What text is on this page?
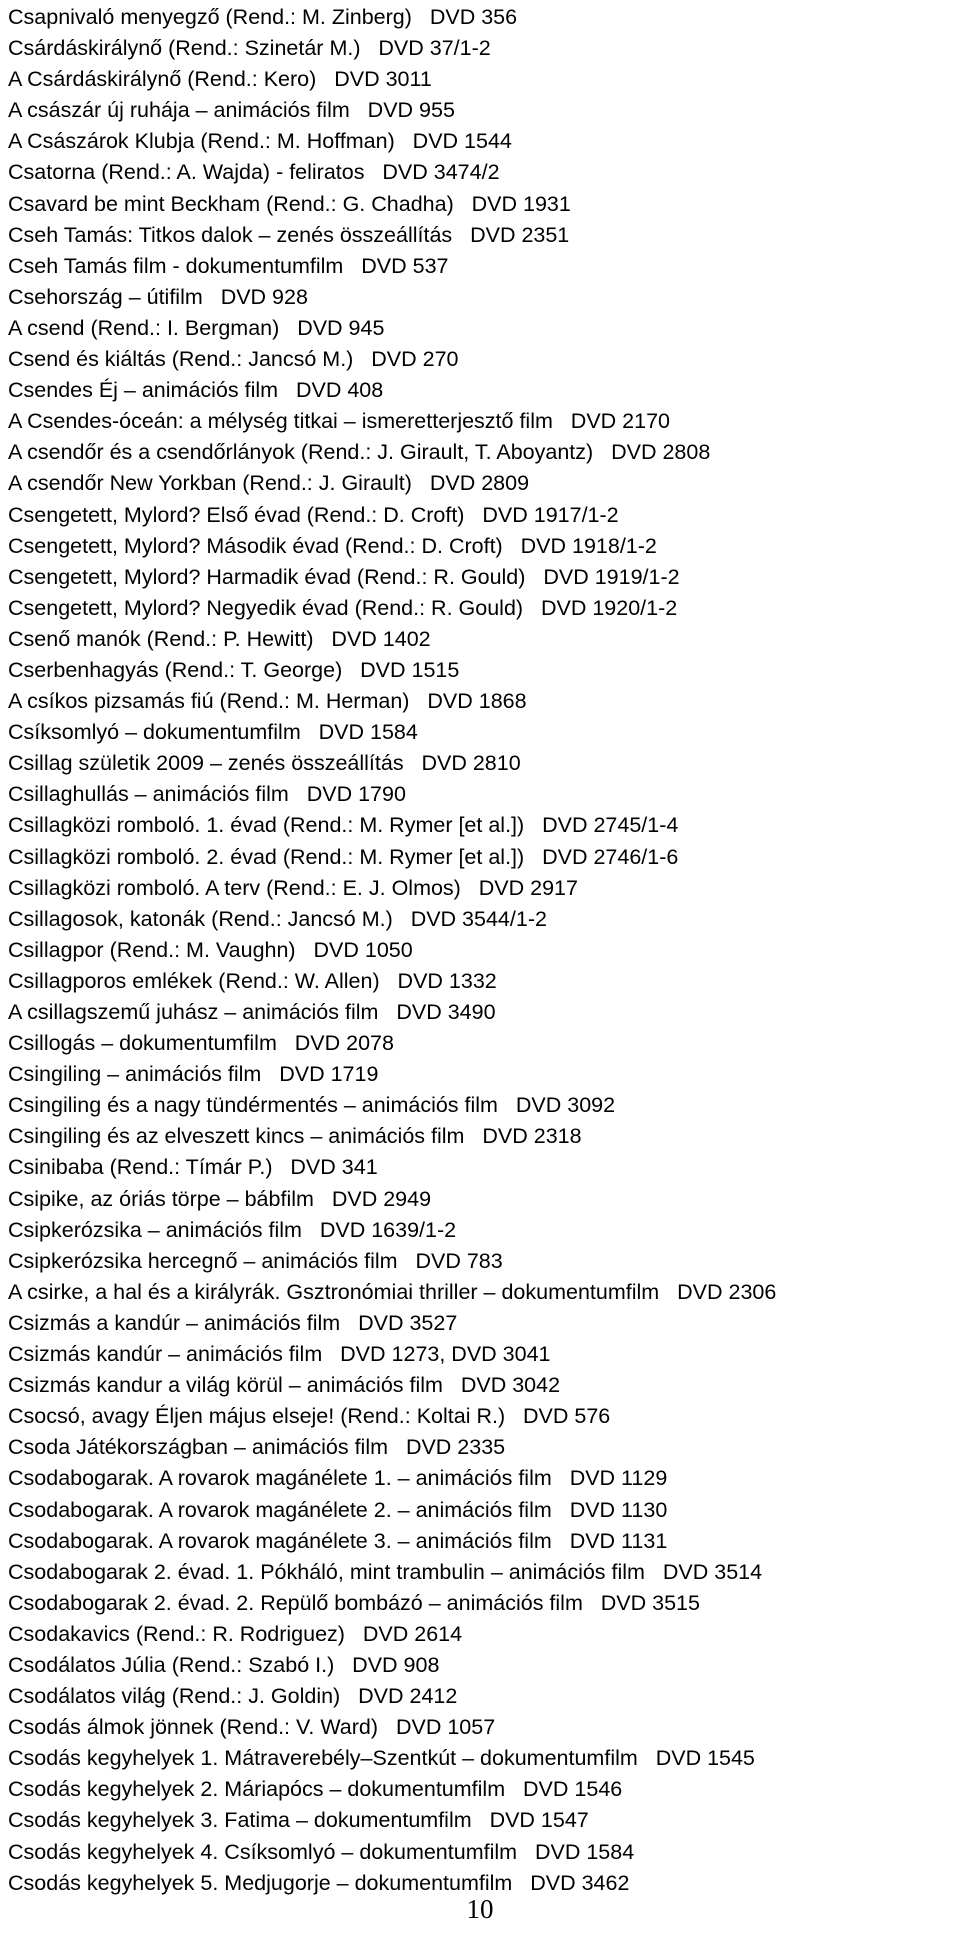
Csapnivaló menyegző (Rend.: M. Zinberg)   DVD 356
Csárdáskirálynő (Rend.: Szinetár M.)   DVD 37/1-2
A Csárdáskirálynő (Rend.: Kero)   DVD 3011
A császár új ruhája – animációs film   DVD 955
A Császárok Klubja (Rend.: M. Hoffman)   DVD 1544
Csatorna (Rend.: A. Wajda) - feliratos   DVD 3474/2
Csavard be mint Beckham (Rend.: G. Chadha)   DVD 1931
Cseh Tamás: Titkos dalok – zenés összeállítás   DVD 2351
Cseh Tamás film - dokumentumfilm   DVD 537
Csehország – útifilm   DVD 928
A csend (Rend.: I. Bergman)   DVD 945
Csend és kiáltás (Rend.: Jancsó M.)   DVD 270
Csendes Éj – animációs film   DVD 408
A Csendes-óceán: a mélység titkai – ismeretterjesztő film   DVD 2170
A csendőr és a csendőrlányok (Rend.: J. Girault, T. Aboyantz)   DVD 2808
A csendőr New Yorkban (Rend.: J. Girault)   DVD 2809
Csengetett, Mylord? Első évad (Rend.: D. Croft)   DVD 1917/1-2
Csengetett, Mylord? Második évad (Rend.: D. Croft)   DVD 1918/1-2
Csengetett, Mylord? Harmadik évad (Rend.: R. Gould)   DVD 1919/1-2
Csengetett, Mylord? Negyedik évad (Rend.: R. Gould)   DVD 1920/1-2
Csenő manók (Rend.: P. Hewitt)   DVD 1402
Cserbenhagyás (Rend.: T. George)   DVD 1515
A csíkos pizsamás fiú (Rend.: M. Herman)   DVD 1868
Csíksomlyó – dokumentumfilm   DVD 1584
Csillag születik 2009 – zenés összeállítás   DVD 2810
Csillaghullás – animációs film   DVD 1790
Csillagközi romboló. 1. évad (Rend.: M. Rymer [et al.])   DVD 2745/1-4
Csillagközi romboló. 2. évad (Rend.: M. Rymer [et al.])   DVD 2746/1-6
Csillagközi romboló. A terv (Rend.: E. J. Olmos)   DVD 2917
Csillagosok, katonák (Rend.: Jancsó M.)   DVD 3544/1-2
Csillagpor (Rend.: M. Vaughn)   DVD 1050
Csillagporos emlékek (Rend.: W. Allen)   DVD 1332
A csillagszemű juhász – animációs film   DVD 3490
Csillogás – dokumentumfilm   DVD 2078
Csingiling – animációs film   DVD 1719
Csingiling és a nagy tündérmentés – animációs film   DVD 3092
Csingiling és az elveszett kincs – animációs film   DVD 2318
Csinibaba (Rend.: Tímár P.)   DVD 341
Csipike, az óriás törpe – bábfilm   DVD 2949
Csipkerózsika – animációs film   DVD 1639/1-2
Csipkerózsika hercegnő – animációs film   DVD 783
A csirke, a hal és a királyrák. Gsztronómiai thriller – dokumentumfilm   DVD 2306
Csizmás a kandúr – animációs film   DVD 3527
Csizmás kandúr – animációs film   DVD 1273, DVD 3041
Csizmás kandur a világ körül – animációs film   DVD 3042
Csocsó, avagy Éljen május elseje! (Rend.: Koltai R.)   DVD 576
Csoda Játékországban – animációs film   DVD 2335
Csodabogarak. A rovarok magánélete 1. – animációs film   DVD 1129
Csodabogarak. A rovarok magánélete 2. – animációs film   DVD 1130
Csodabogarak. A rovarok magánélete 3. – animációs film   DVD 1131
Csodabogarak 2. évad. 1. Pókháló, mint trambulin – animációs film   DVD 3514
Csodabogarak 2. évad. 2. Repülő bombázó – animációs film   DVD 3515
Csodakavics (Rend.: R. Rodriguez)   DVD 2614
Csodálatos Júlia (Rend.: Szabó I.)   DVD 908
Csodálatos világ (Rend.: J. Goldin)   DVD 2412
Csodás álmok jönnek (Rend.: V. Ward)   DVD 1057
Csodás kegyhelyek 1. Mátraverebély–Szentkút – dokumentumfilm   DVD 1545
Csodás kegyhelyek 2. Máriapócs – dokumentumfilm   DVD 1546
Csodás kegyhelyek 3. Fatima – dokumentumfilm   DVD 1547
Csodás kegyhelyek 4. Csíksomlyó – dokumentumfilm   DVD 1584
Csodás kegyhelyek 5. Medjugorje – dokumentumfilm   DVD 3462
10
